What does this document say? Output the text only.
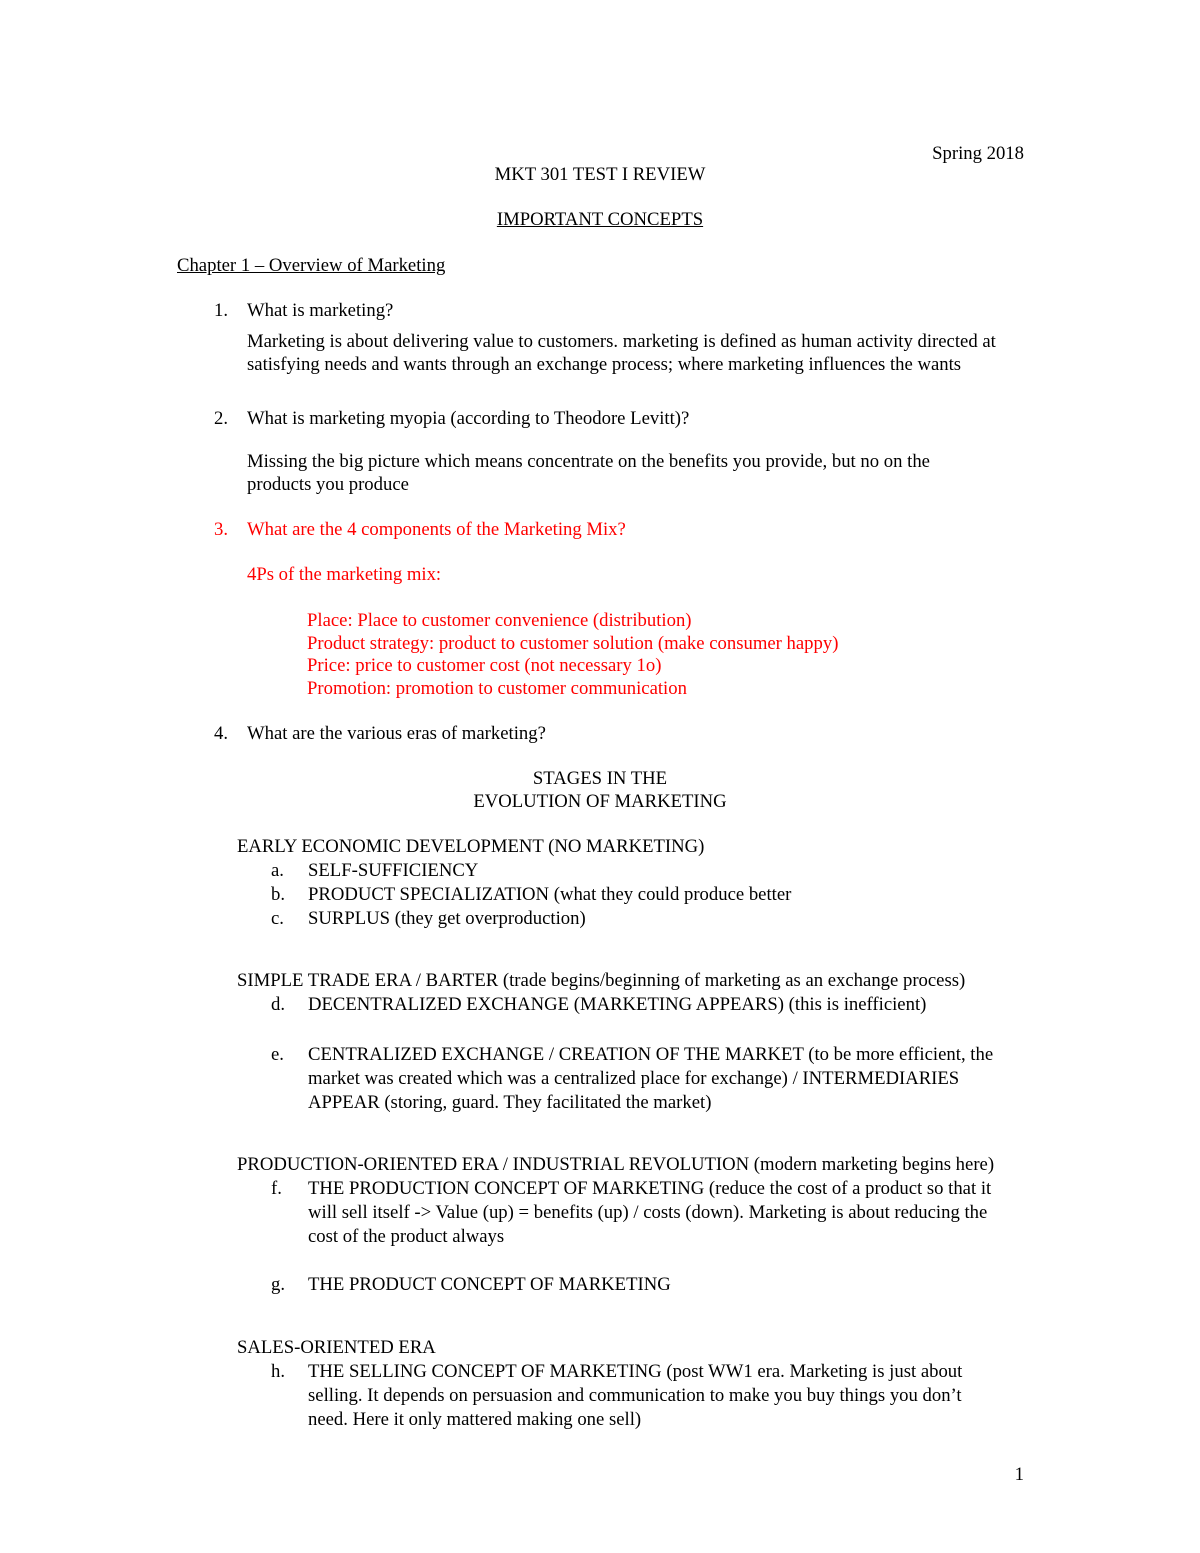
Spring 2018
MKT 301 TEST I REVIEW
IMPORTANT CONCEPTS
Chapter 1 – Overview of Marketing
1. What is marketing?
Marketing is about delivering value to customers. marketing is defined as human activity directed at
satisfying needs and wants through an exchange process; where marketing influences the wants
2. What is marketing myopia (according to Theodore Levitt)?
Missing the big picture which means concentrate on the benefits you provide, but no on the
products you produce
3. What are the 4 components of the Marketing Mix?
4Ps of the marketing mix:
Place: Place to customer convenience (distribution)
Product strategy: product to customer solution (make consumer happy)
Price: price to customer cost (not necessary 1o)
Promotion: promotion to customer communication
4. What are the various eras of marketing?
STAGES IN THE
EVOLUTION OF MARKETING
EARLY ECONOMIC DEVELOPMENT (NO MARKETING)
a. SELF-SUFFICIENCY
b. PRODUCT SPECIALIZATION (what they could produce better
c. SURPLUS (they get overproduction)
SIMPLE TRADE ERA / BARTER (trade begins/beginning of marketing as an exchange process)
d. DECENTRALIZED EXCHANGE (MARKETING APPEARS) (this is inefficient)
e. CENTRALIZED EXCHANGE / CREATION OF THE MARKET (to be more efficient, the
market was created which was a centralized place for exchange) / INTERMEDIARIES
APPEAR (storing, guard. They facilitated the market)
PRODUCTION-ORIENTED ERA / INDUSTRIAL REVOLUTION (modern marketing begins here)
f. THE PRODUCTION CONCEPT OF MARKETING (reduce the cost of a product so that it
will sell itself -> Value (up) = benefits (up) / costs (down). Marketing is about reducing the
cost of the product always
g. THE PRODUCT CONCEPT OF MARKETING
SALES-ORIENTED ERA
h. THE SELLING CONCEPT OF MARKETING (post WW1 era. Marketing is just about
selling. It depends on persuasion and communication to make you buy things you don’t
need. Here it only mattered making one sell)
1
